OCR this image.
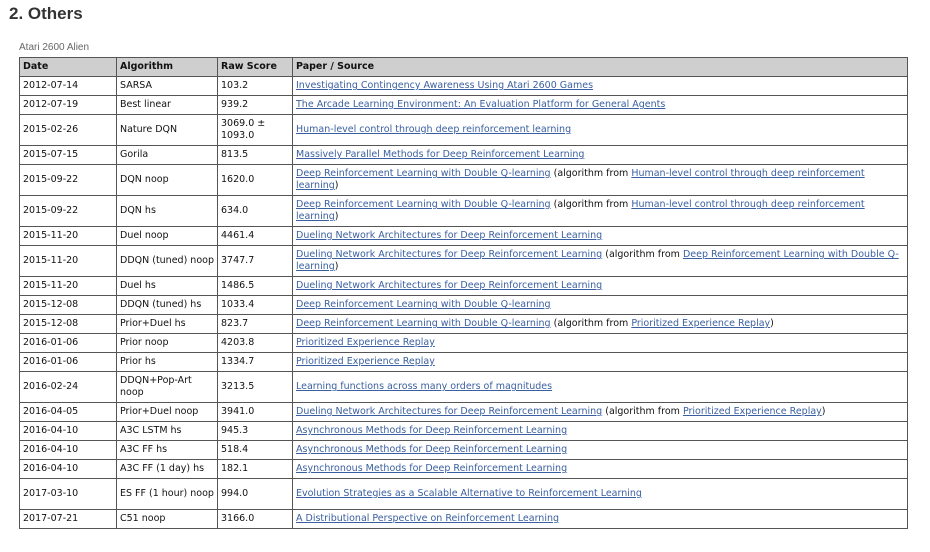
2. Others
Atari 2600 Alien
Date	Algorithm	Raw Score	Paper / Source
2012-07-14	SARSA	103.2	Investigating Contingency Awareness Using Atari 2600 Games
2012-07-19	Best linear	939.2	The Arcade Learning Environment: An Evaluation Platform for General Agents
2015-02-26	Nature DQN	3069.0 ± 1093.0	Human-level control through deep reinforcement learning
2015-07-15	Gorila	813.5	Massively Parallel Methods for Deep Reinforcement Learning
2015-09-22	DQN noop	1620.0	Deep Reinforcement Learning with Double Q-learning (algorithm from Human-level control through deep reinforcement learning)
2015-09-22	DQN hs	634.0	Deep Reinforcement Learning with Double Q-learning (algorithm from Human-level control through deep reinforcement learning)
2015-11-20	Duel noop	4461.4	Dueling Network Architectures for Deep Reinforcement Learning
2015-11-20	DDQN (tuned) noop	3747.7	Dueling Network Architectures for Deep Reinforcement Learning (algorithm from Deep Reinforcement Learning with Double Q-learning)
2015-11-20	Duel hs	1486.5	Dueling Network Architectures for Deep Reinforcement Learning
2015-12-08	DDQN (tuned) hs	1033.4	Deep Reinforcement Learning with Double Q-learning
2015-12-08	Prior+Duel hs	823.7	Deep Reinforcement Learning with Double Q-learning (algorithm from Prioritized Experience Replay)
2016-01-06	Prior noop	4203.8	Prioritized Experience Replay
2016-01-06	Prior hs	1334.7	Prioritized Experience Replay
2016-02-24	DDQN+Pop-Art noop	3213.5	Learning functions across many orders of magnitudes
2016-04-05	Prior+Duel noop	3941.0	Dueling Network Architectures for Deep Reinforcement Learning (algorithm from Prioritized Experience Replay)
2016-04-10	A3C LSTM hs	945.3	Asynchronous Methods for Deep Reinforcement Learning
2016-04-10	A3C FF hs	518.4	Asynchronous Methods for Deep Reinforcement Learning
2016-04-10	A3C FF (1 day) hs	182.1	Asynchronous Methods for Deep Reinforcement Learning
2017-03-10	ES FF (1 hour) noop	994.0	Evolution Strategies as a Scalable Alternative to Reinforcement Learning
2017-07-21	C51 noop	3166.0	A Distributional Perspective on Reinforcement Learning
